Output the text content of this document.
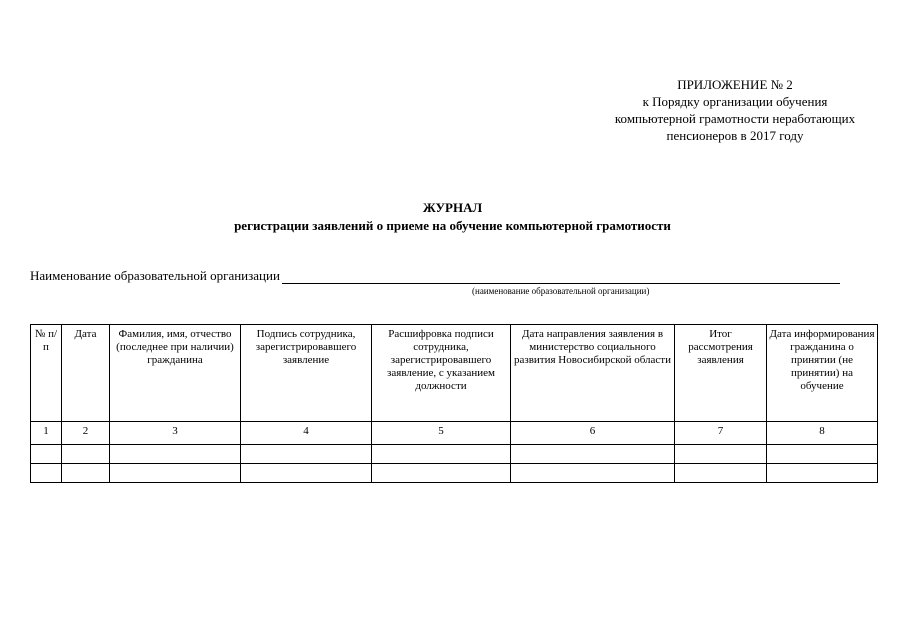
ПРИЛОЖЕНИЕ № 2
к Порядку организации обучения
компьютерной грамотности неработающих
пенсионеров в 2017 году
ЖУРНАЛ
регистрации заявлений о приеме на обучение компьютерной грамотиости
Наименование образовательной организации
(наименование образовательной организации)
№ п/п	Дата	Фамилия, имя, отчество (последнее при наличии) гражданина	Подпись сотрудника, зарегистрировавшего заявление	Расшифровка подписи сотрудника, зарегистрировавшего заявление, с указанием должности	Дата направления заявления в министерство социального развития Новосибирской области	Итог рассмотрения заявления	Дата информирования гражданина о принятии (не принятии) на обучение
1	2	3	4	5	6	7	8
